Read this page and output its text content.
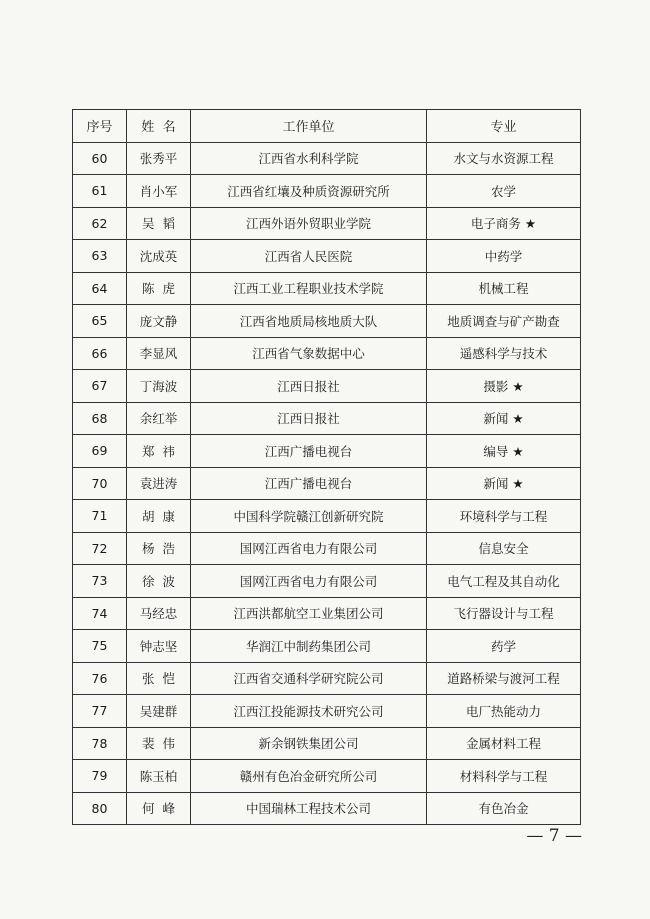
序号	姓  名	工作单位	专业
60	张秀平	江西省水利科学院	水文与水资源工程
61	肖小军	江西省红壤及种质资源研究所	农学
62	吴  韬	江西外语外贸职业学院	电子商务 ★
63	沈成英	江西省人民医院	中药学
64	陈  虎	江西工业工程职业技术学院	机械工程
65	庞文静	江西省地质局核地质大队	地质调查与矿产勘查
66	李显风	江西省气象数据中心	遥感科学与技术
67	丁海波	江西日报社	摄影 ★
68	余红举	江西日报社	新闻 ★
69	郑  祎	江西广播电视台	编导 ★
70	袁进涛	江西广播电视台	新闻 ★
71	胡  康	中国科学院赣江创新研究院	环境科学与工程
72	杨  浩	国网江西省电力有限公司	信息安全
73	徐  波	国网江西省电力有限公司	电气工程及其自动化
74	马经忠	江西洪都航空工业集团公司	飞行器设计与工程
75	钟志坚	华润江中制药集团公司	药学
76	张  恺	江西省交通科学研究院公司	道路桥梁与渡河工程
77	吴建群	江西江投能源技术研究公司	电厂热能动力
78	裴  伟	新余钢铁集团公司	金属材料工程
79	陈玉柏	赣州有色冶金研究所公司	材料科学与工程
80	何  峰	中国瑞林工程技术公司	有色冶金
— 7 —
